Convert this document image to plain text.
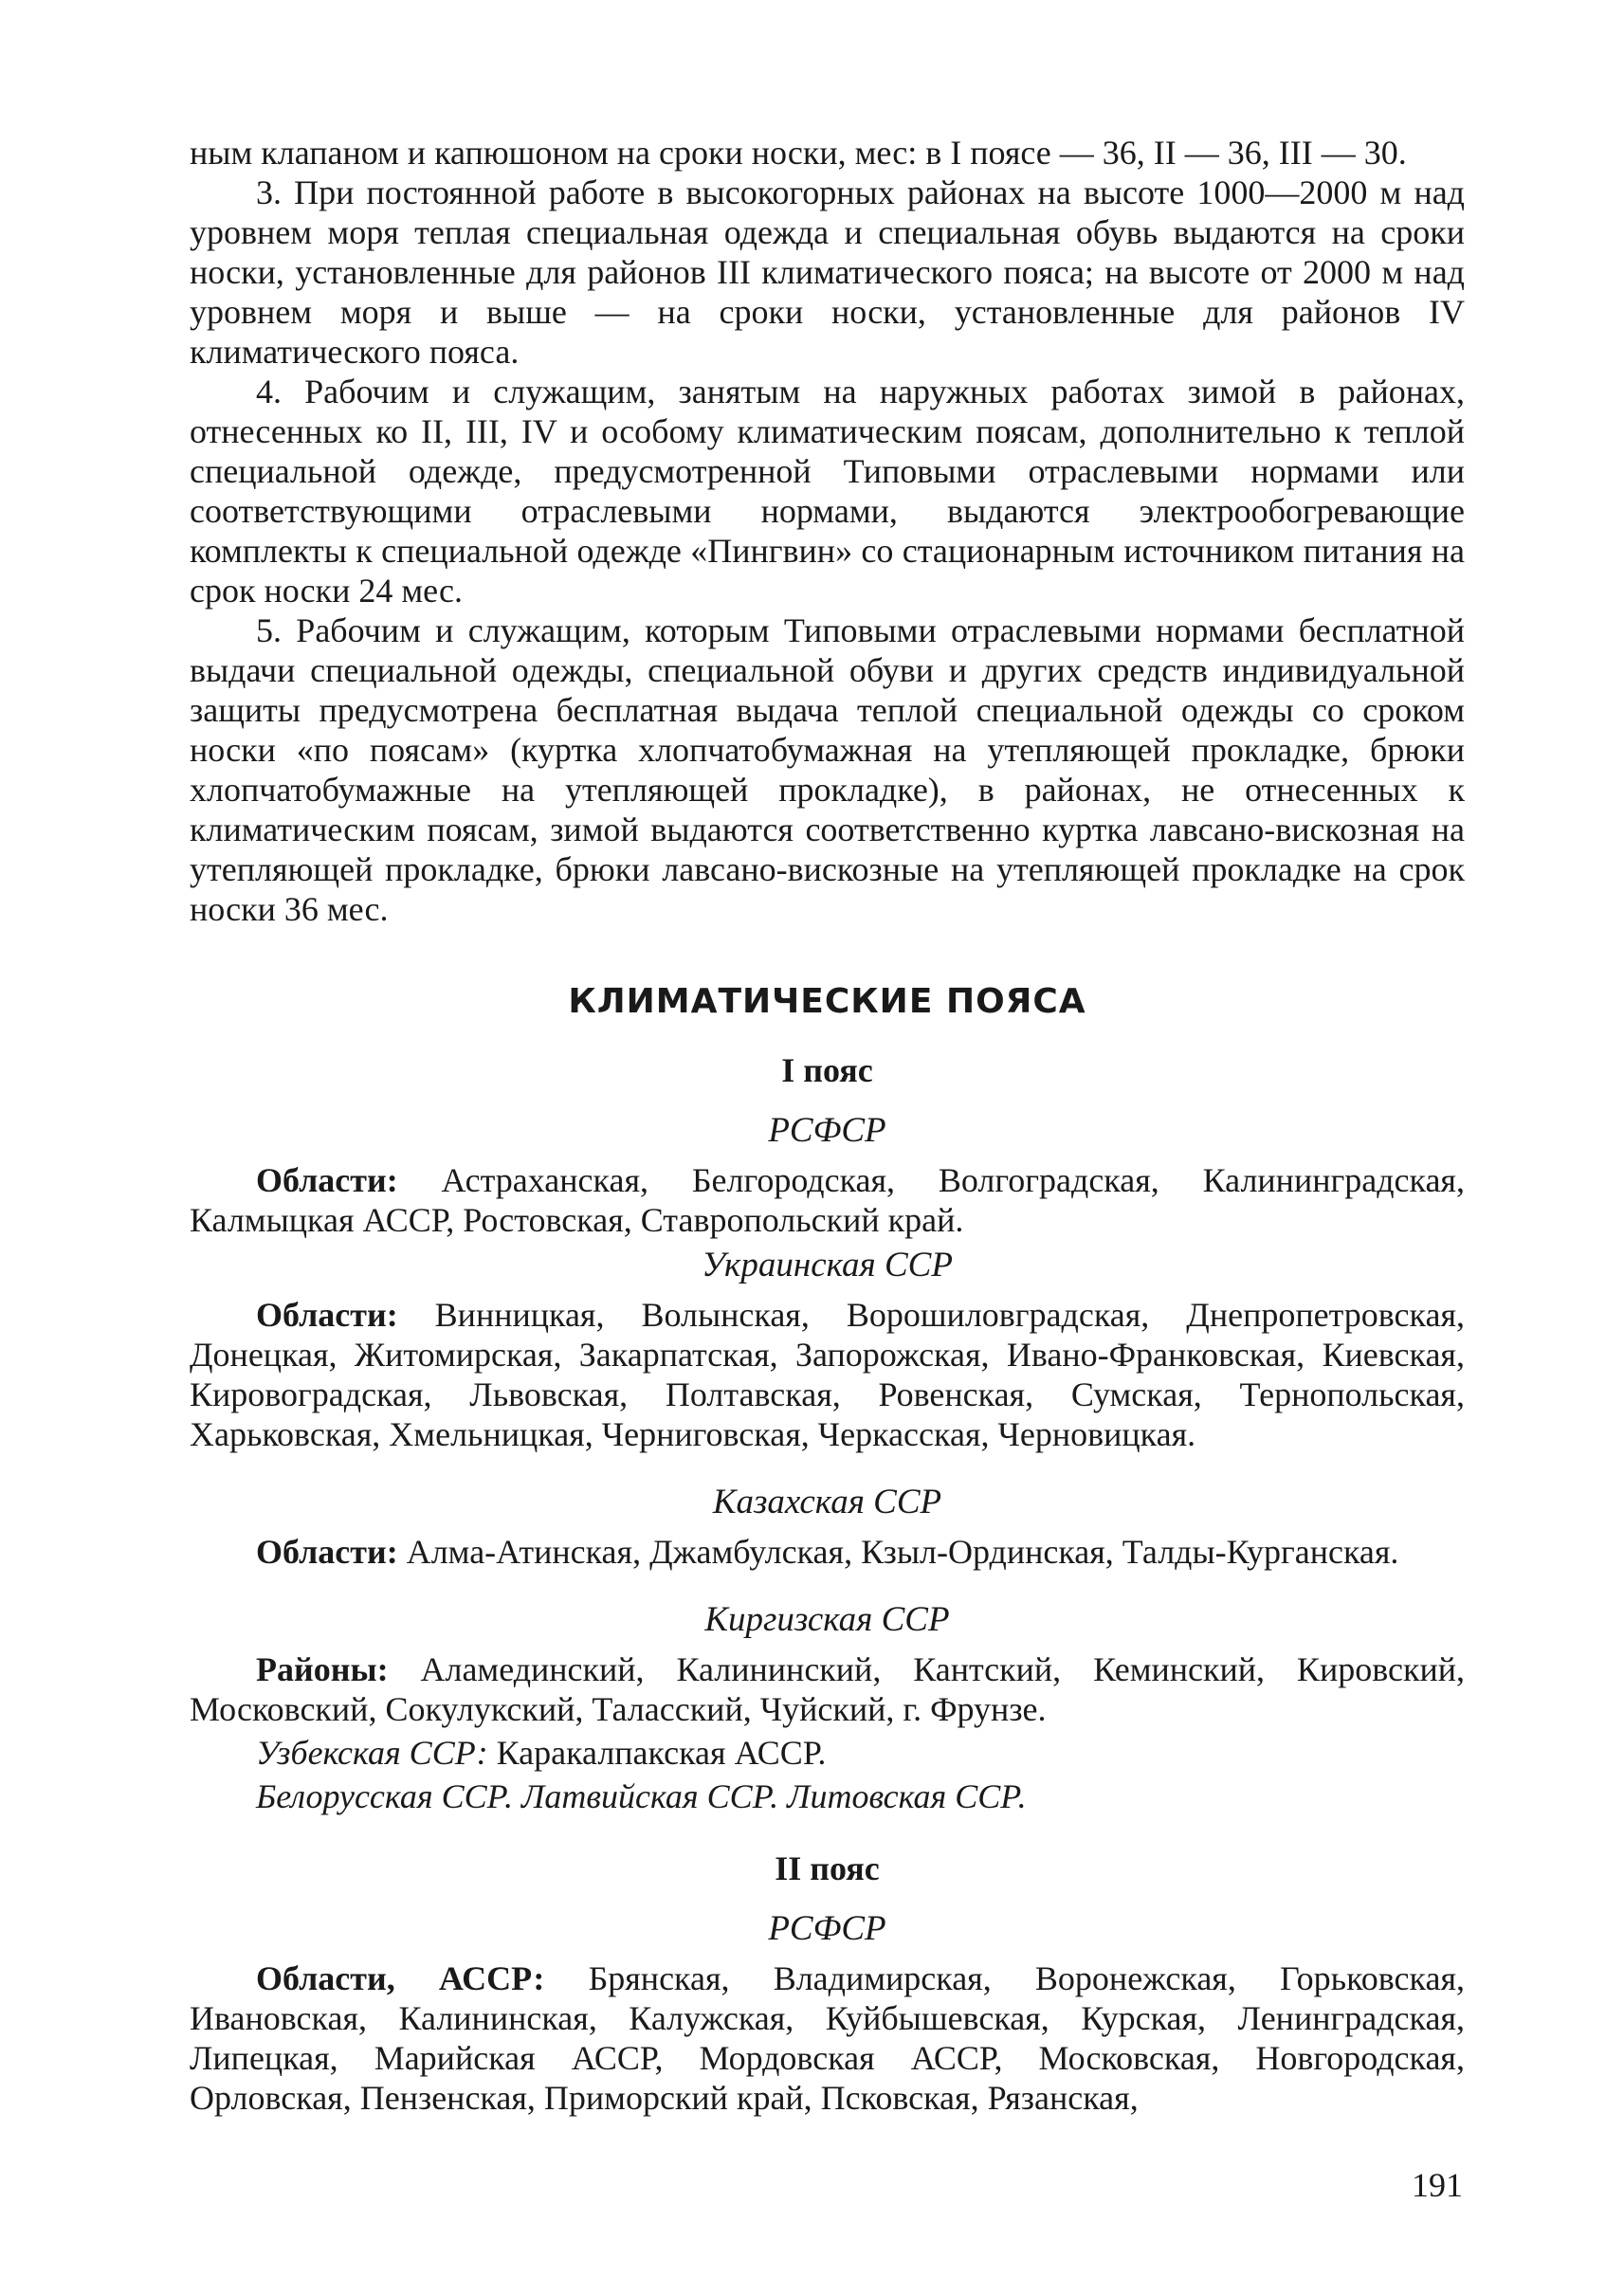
ным клапаном и капюшоном на сроки носки, мес: в I поясе — 36, II — 36, III — 30.

3. При постоянной работе в высокогорных районах на высоте 1000—2000 м над уровнем моря теплая специальная одежда и специальная обувь выдаются на сроки носки, установленные для районов III климатического пояса; на высоте от 2000 м над уровнем моря и выше — на сроки носки, установленные для районов IV климатического пояса.

4. Рабочим и служащим, занятым на наружных работах зимой в районах, отнесенных ко II, III, IV и особому климатическим поясам, дополнительно к теплой специальной одежде, предусмотренной Типовыми отраслевыми нормами или соответствующими отраслевыми нормами, выдаются электрообогревающие комплекты к специальной одежде «Пингвин» со стационарным источником питания на срок носки 24 мес.

5. Рабочим и служащим, которым Типовыми отраслевыми нормами бесплатной выдачи специальной одежды, специальной обуви и других средств индивидуальной защиты предусмотрена бесплатная выдача теплой специальной одежды со сроком носки «по поясам» (куртка хлопчатобумажная на утепляющей прокладке, брюки хлопчатобумажные на утепляющей прокладке), в районах, не отнесенных к климатическим поясам, зимой выдаются соответственно куртка лавсано-вискозная на утепляющей прокладке, брюки лавсано-вискозные на утепляющей прокладке на срок носки 36 мес.

КЛИМАТИЧЕСКИЕ ПОЯСА
I пояс
РСФСР

Области: Астраханская, Белгородская, Волгоградская, Калининградская, Калмыцкая АССР, Ростовская, Ставропольский край.

Украинская ССР

Области: Винницкая, Волынская, Ворошиловградская, Днепропетровская, Донецкая, Житомирская, Закарпатская, Запорожская, Ивано-Франковская, Киевская, Кировоградская, Львовская, Полтавская, Ровенская, Сумская, Тернопольская, Харьковская, Хмельницкая, Черниговская, Черкасская, Черновицкая.

Казахская ССР

Области: Алма-Атинская, Джамбулская, Кзыл-Ординская, Талды-Курганская.

Киргизская ССР

Районы: Аламединский, Калининский, Кантский, Кеминский, Кировский, Московский, Сокулукский, Таласский, Чуйский, г. Фрунзе.

Узбекская ССР: Каракалпакская АССР.

Белорусская ССР. Латвийская ССР. Литовская ССР.

II пояс
РСФСР

Области, АССР: Брянская, Владимирская, Воронежская, Горьковская, Ивановская, Калининская, Калужская, Куйбышевская, Курская, Ленинградская, Липецкая, Марийская АССР, Мордовская АССР, Московская, Новгородская, Орловская, Пензенская, Приморский край, Псковская, Рязанская,

191
